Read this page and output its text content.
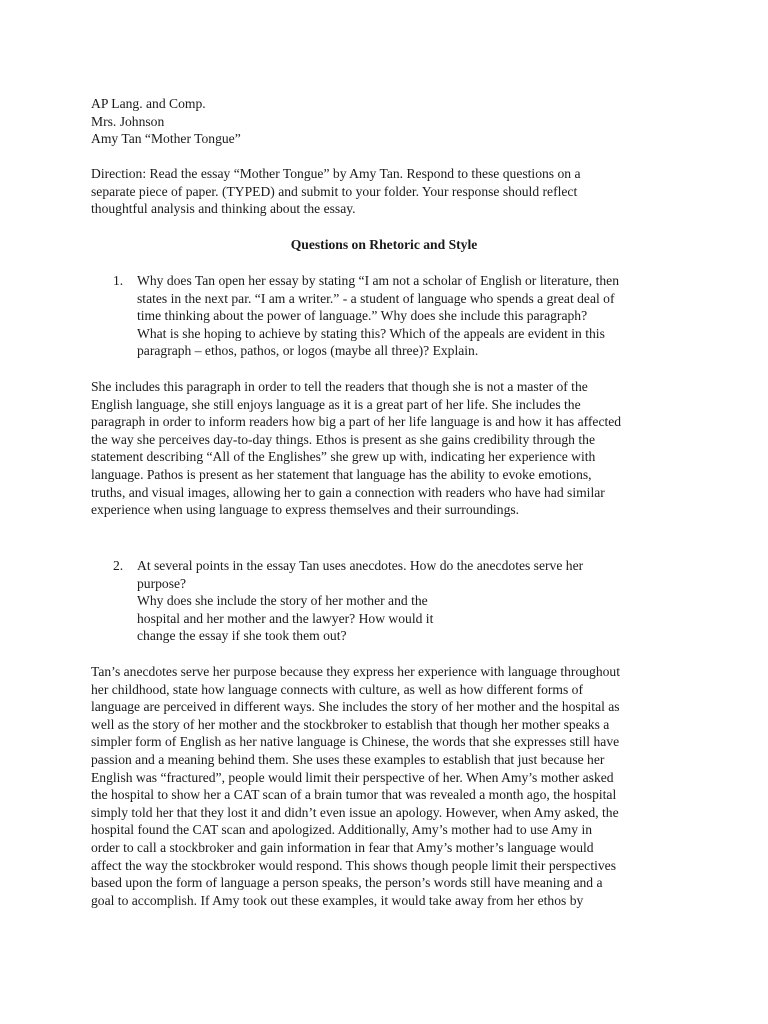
AP Lang. and Comp.
Mrs. Johnson
Amy Tan “Mother Tongue”
Direction: Read the essay “Mother Tongue” by Amy Tan. Respond to these questions on a
separate piece of paper. (TYPED) and submit to your folder. Your response should reflect
thoughtful analysis and thinking about the essay.
Questions on Rhetoric and Style
1. Why does Tan open her essay by stating “I am not a scholar of English or literature, then
states in the next par. “I am a writer.” - a student of language who spends a great deal of
time thinking about the power of language.” Why does she include this paragraph?
What is she hoping to achieve by stating this? Which of the appeals are evident in this
paragraph – ethos, pathos, or logos (maybe all three)? Explain.
She includes this paragraph in order to tell the readers that though she is not a master of the
English language, she still enjoys language as it is a great part of her life. She includes the
paragraph in order to inform readers how big a part of her life language is and how it has affected
the way she perceives day-to-day things. Ethos is present as she gains credibility through the
statement describing “All of the Englishes” she grew up with, indicating her experience with
language. Pathos is present as her statement that language has the ability to evoke emotions,
truths, and visual images, allowing her to gain a connection with readers who have had similar
experience when using language to express themselves and their surroundings.
2. At several points in the essay Tan uses anecdotes. How do the anecdotes serve her
purpose?
Why does she include the story of her mother and the
hospital and her mother and the lawyer? How would it
change the essay if she took them out?
Tan’s anecdotes serve her purpose because they express her experience with language throughout
her childhood, state how language connects with culture, as well as how different forms of
language are perceived in different ways. She includes the story of her mother and the hospital as
well as the story of her mother and the stockbroker to establish that though her mother speaks a
simpler form of English as her native language is Chinese, the words that she expresses still have
passion and a meaning behind them. She uses these examples to establish that just because her
English was “fractured”, people would limit their perspective of her. When Amy’s mother asked
the hospital to show her a CAT scan of a brain tumor that was revealed a month ago, the hospital
simply told her that they lost it and didn’t even issue an apology. However, when Amy asked, the
hospital found the CAT scan and apologized. Additionally, Amy’s mother had to use Amy in
order to call a stockbroker and gain information in fear that Amy’s mother’s language would
affect the way the stockbroker would respond. This shows though people limit their perspectives
based upon the form of language a person speaks, the person’s words still have meaning and a
goal to accomplish. If Amy took out these examples, it would take away from her ethos by
